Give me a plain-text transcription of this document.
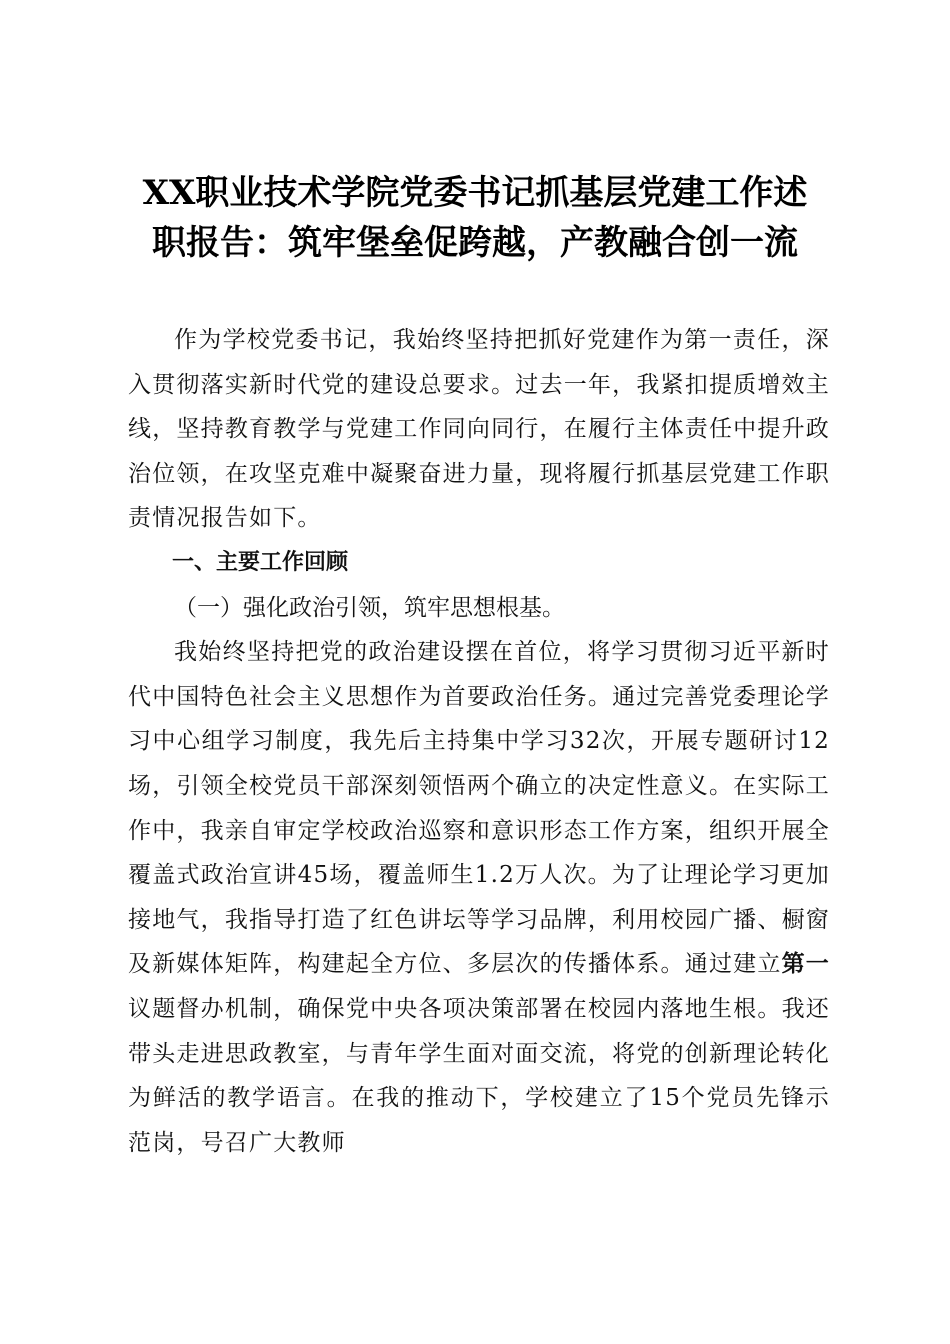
XX职业技术学院党委书记抓基层党建工作述
职报告：筑牢堡垒促跨越，产教融合创一流

作为学校党委书记，我始终坚持把抓好党建作为第一责任，深入贯彻落实新时代党的建设总要求。过去一年，我紧扣提质增效主线，坚持教育教学与党建工作同向同行，在履行主体责任中提升政治位领，在攻坚克难中凝聚奋进力量，现将履行抓基层党建工作职责情况报告如下。

一、主要工作回顾

（一）强化政治引领，筑牢思想根基。

我始终坚持把党的政治建设摆在首位，将学习贯彻习近平新时代中国特色社会主义思想作为首要政治任务。通过完善党委理论学习中心组学习制度，我先后主持集中学习32次，开展专题研讨12场，引领全校党员干部深刻领悟两个确立的决定性意义。在实际工作中，我亲自审定学校政治巡察和意识形态工作方案，组织开展全覆盖式政治宣讲45场，覆盖师生1.2万人次。为了让理论学习更加接地气，我指导打造了红色讲坛等学习品牌，利用校园广播、橱窗及新媒体矩阵，构建起全方位、多层次的传播体系。通过建立第一议题督办机制，确保党中央各项决策部署在校园内落地生根。我还带头走进思政教室，与青年学生面对面交流，将党的创新理论转化为鲜活的教学语言。在我的推动下，学校建立了15个党员先锋示范岗，号召广大教师
